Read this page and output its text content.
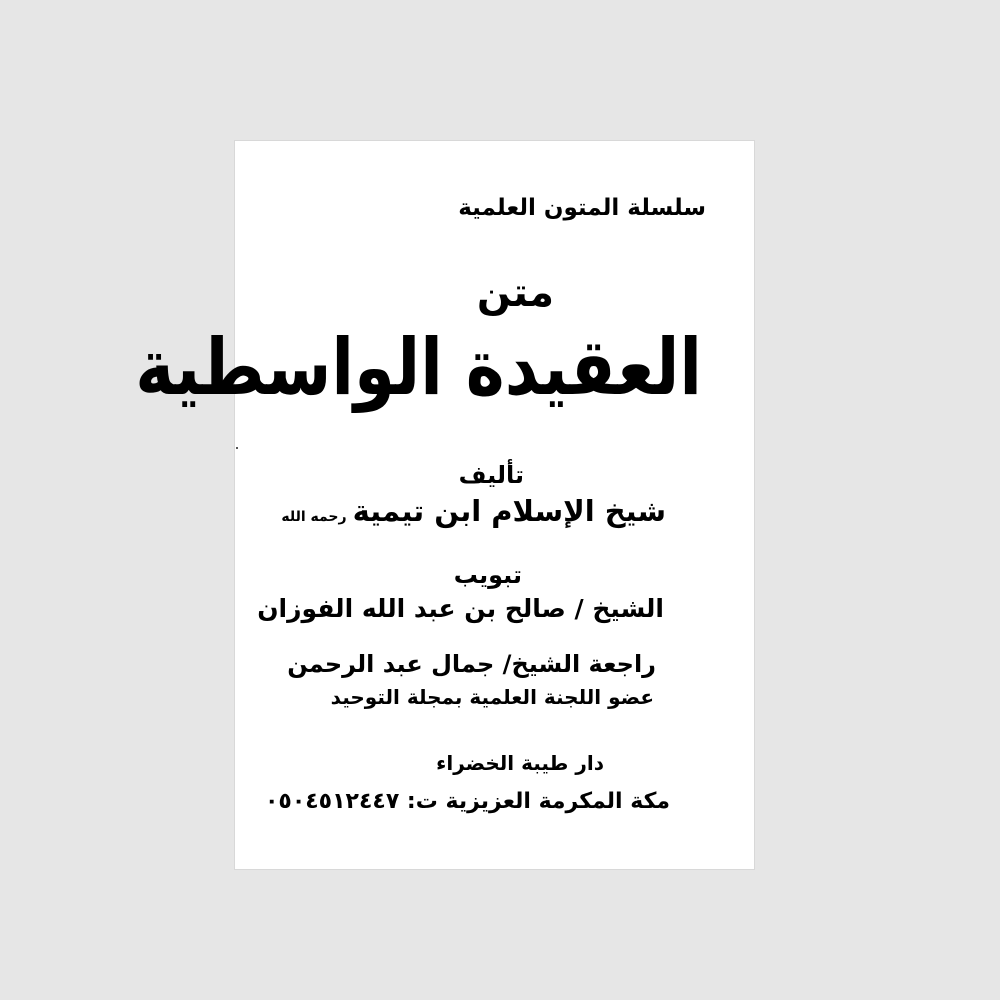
سلسلة المتون العلمية
متن
العقيدة الواسطية
تأليف
شيخ الإسلام ابن تيميةرحمه الله
تبويب
الشيخ / صالح بن عبد الله الفوزان
راجعة الشيخ/ جمال عبد الرحمن
عضو اللجنة العلمية بمجلة التوحيد
دار طيبة الخضراء
مكة المكرمة العزيزية ت: ٠٥٠٤٥١٢٤٤٧
